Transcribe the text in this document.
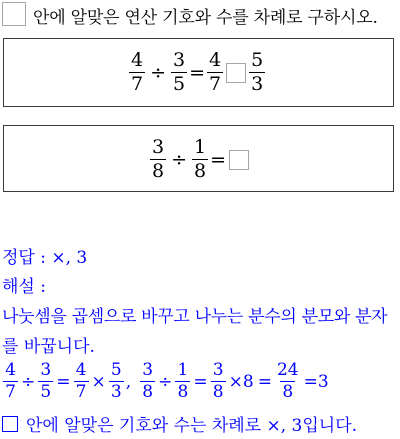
안에 알맞은 연산 기호와 수를 차례로 구하시오.
$\frac{4}{7} \div \frac{3}{5} = \frac{4}{7} \frac{5}{3}$
$\frac{3}{8} \div \frac{1}{8}$ =
정답 : ×, 3
해설 :
나눗셈을 곱셈으로 바꾸고 나누는 분수의 분모와 분자
를 바꿉니다.
$\frac{4}{7} \div \frac{3}{5} = \frac{4}{7} \times \frac{5}{3}$ , $\frac{3}{8} \div \frac{1}{8} = \frac{3}{8} \times 8 = \frac{24}{8} =3$
안에 알맞은 기호와 수는 차례로 ×, 3입니다.
